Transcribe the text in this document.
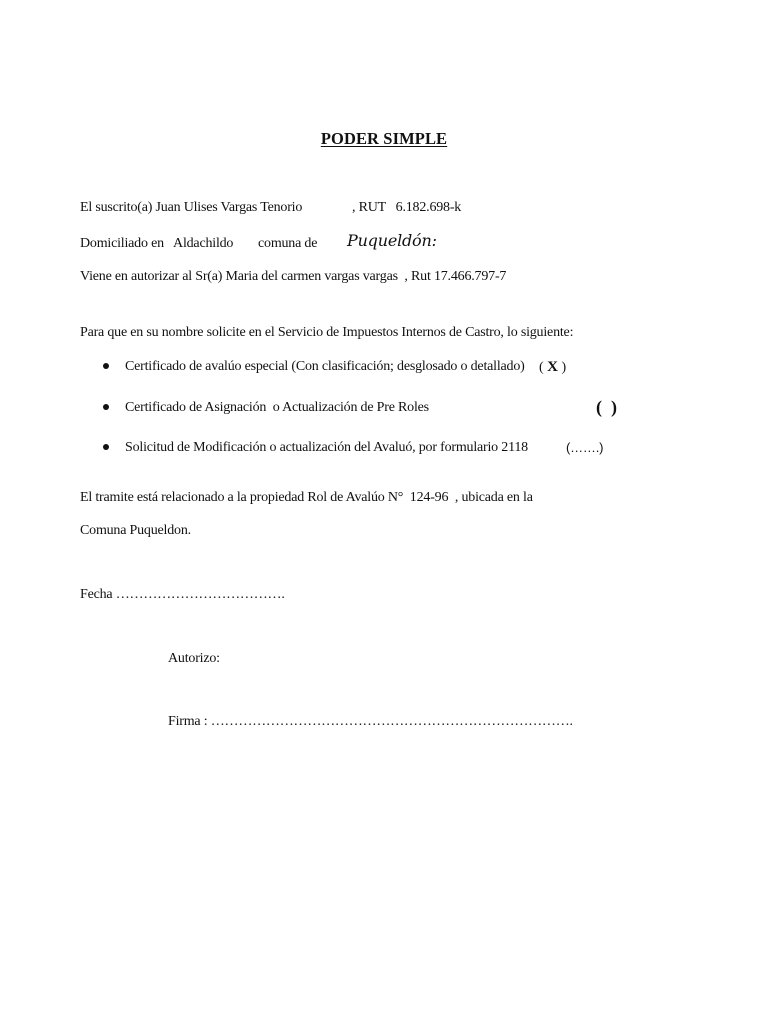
PODER SIMPLE
El suscrito(a) Juan Ulises Vargas Tenorio	, RUT   6.182.698-k
Domiciliado en   Aldachildo comuna de Puqueldón:
Viene en autorizar al Sr(a) Maria del carmen vargas vargas  , Rut 17.466.797-7
Para que en su nombre solicite en el Servicio de Impuestos Internos de Castro, lo siguiente:
Certificado de avalúo especial (Con clasificación; desglosado o detallado) ( X )
Certificado de Asignación  o Actualización de Pre Roles	(  )
Solicitud de Modificación o actualización del Avaluó, por formulario 2118	(…….)
El tramite está relacionado a la propiedad Rol de Avalúo N°  124-96  , ubicada en la
Comuna Puqueldon.
Fecha ……………………………….
Autorizo:
Firma : …………………………………………………………………….
